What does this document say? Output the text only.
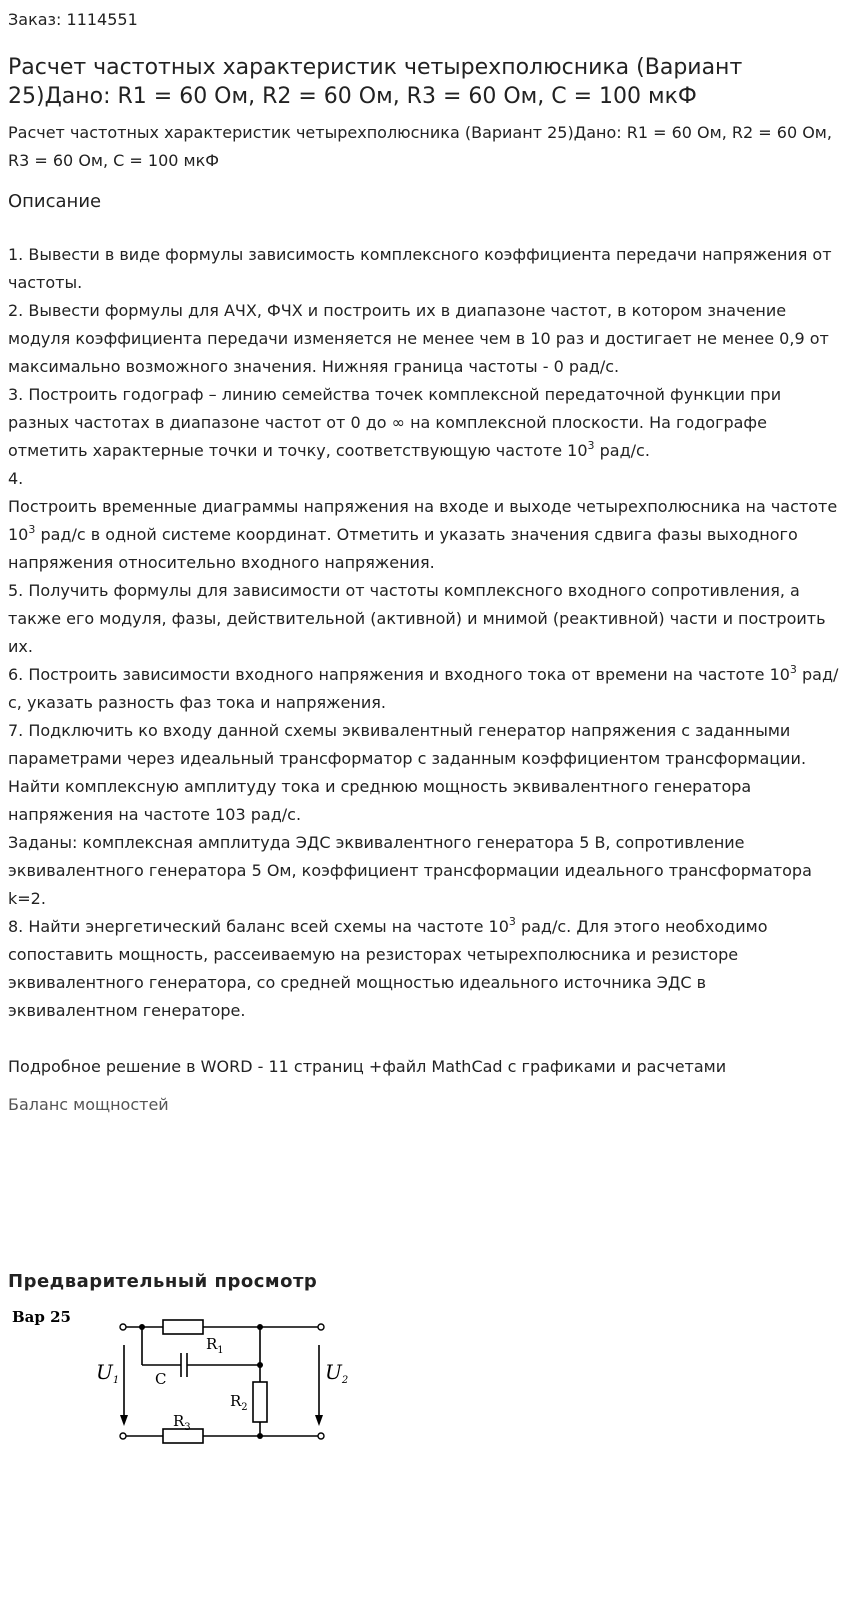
Заказ: 1114551
Расчет частотных характеристик четырехполюсника (Вариант 25)Дано: R1 = 60 Ом, R2 = 60 Ом, R3 = 60 Ом, C = 100 мкФ
Расчет частотных характеристик четырехполюсника (Вариант 25)Дано: R1 = 60 Ом, R2 = 60 Ом, R3 = 60 Ом, C = 100 мкФ
Описание
1. Вывести в виде формулы зависимость комплексного коэффициента передачи напряжения от частоты.
2. Вывести формулы для АЧХ, ФЧХ и построить их в диапазоне частот, в котором значение модуля коэффициента передачи изменяется не менее чем в 10 раз и достигает не менее 0,9 от максимально возможного значения. Нижняя граница частоты - 0 рад/с.
3. Построить годограф – линию семейства точек комплексной передаточной функции при разных частотах в диапазоне частот от 0 до ∞ на комплексной плоскости. На годографе отметить характерные точки и точку, соответствующую частоте $10^3$ рад/с.
4.
Построить временные диаграммы напряжения на входе и выходе четырехполюсника на частоте $10^3$ рад/с в одной системе координат. Отметить и указать значения сдвига фазы выходного напряжения относительно входного напряжения.
5. Получить формулы для зависимости от частоты комплексного входного сопротивления, а также его модуля, фазы, действительной (активной) и мнимой (реактивной) части и построить их.
6. Построить зависимости входного напряжения и входного тока от времени на частоте $10^3$ рад/с, указать разность фаз тока и напряжения.
7. Подключить ко входу данной схемы эквивалентный генератор напряжения с заданными параметрами через идеальный трансформатор с заданным коэффициентом трансформации. Найти комплексную амплитуду тока и среднюю мощность эквивалентного генератора напряжения на частоте 103 рад/с.
Заданы: комплексная амплитуда ЭДС эквивалентного генератора 5 В, сопротивление эквивалентного генератора 5 Ом, коэффициент трансформации идеального трансформатора k=2.
8. Найти энергетический баланс всей схемы на частоте $10^3$ рад/с. Для этого необходимо сопоставить мощность, рассеиваемую на резисторах четырехполюсника и резисторе эквивалентного генератора, со средней мощностью идеального источника ЭДС в эквивалентном генераторе.
Подробное решение в WORD - 11 страниц +файл MathCad с графиками и расчетами
Баланс мощностей
Предварительный просмотр
Вар 25
$R_1$
$R_2$
$R_3$
C
$U_1$	$U_2$
